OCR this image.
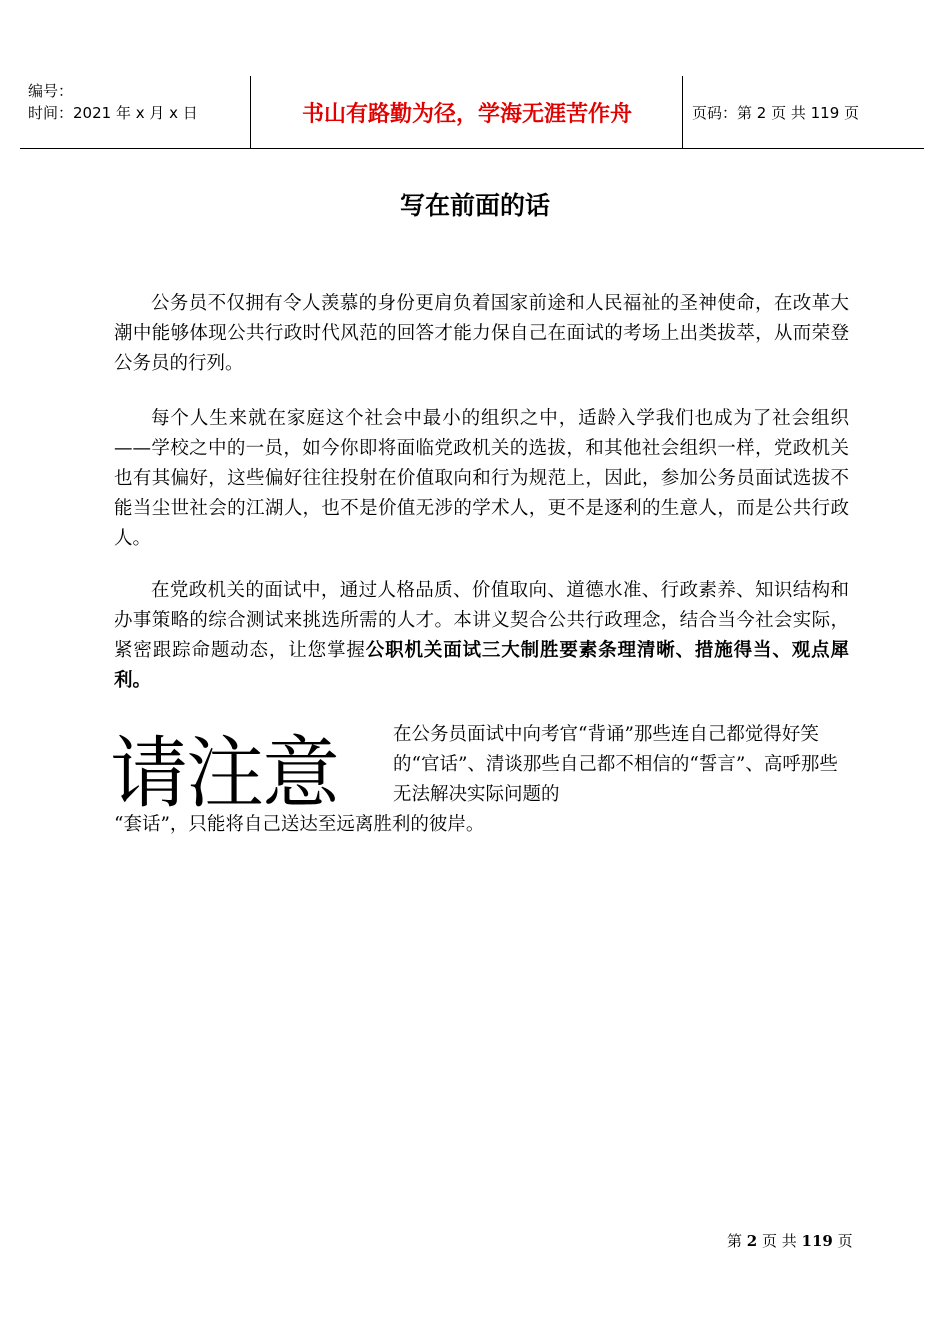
编号：
时间：2021 年 x 月 x 日	书山有路勤为径，学海无涯苦作舟	页码：第 2 页 共 119 页
写在前面的话

公务员不仅拥有令人羡慕的身份更肩负着国家前途和人民福祉的圣神使命，在改革大潮中能够体现公共行政时代风范的回答才能力保自己在面试的考场上出类拔萃，从而荣登公务员的行列。

每个人生来就在家庭这个社会中最小的组织之中，适龄入学我们也成为了社会组织——学校之中的一员，如今你即将面临党政机关的选拔，和其他社会组织一样，党政机关也有其偏好，这些偏好往往投射在价值取向和行为规范上，因此，参加公务员面试选拔不能当尘世社会的江湖人，也不是价值无涉的学术人，更不是逐利的生意人，而是公共行政人。

在党政机关的面试中，通过人格品质、价值取向、道德水准、行政素养、知识结构和办事策略的综合测试来挑选所需的人才。本讲义契合公共行政理念，结合当今社会实际，紧密跟踪命题动态，让您掌握公职机关面试三大制胜要素条理清晰、措施得当、观点犀利。

请注意	在公务员面试中向考官“背诵”那些连自己都觉得好笑的“官话”、清谈那些自己都不相信的“誓言”、高呼那些无法解决实际问题的

“套话”，只能将自己送达至远离胜利的彼岸。
第 2 页 共 119 页
